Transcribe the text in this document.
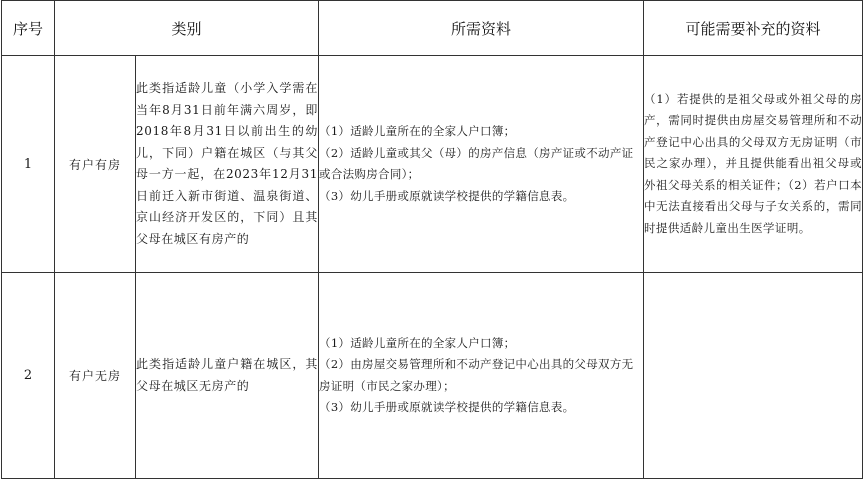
序号	类别		所需资料	可能需要补充的资料
1	有户有房	此类指适龄儿童（小学入学需在当年8月31日前年满六周岁，即2018年8月31日以前出生的幼儿，下同）户籍在城区（与其父母一方一起，在2023年12月31日前迁入新市街道、温泉街道、京山经济开发区的，下同）且其父母在城区有房产的	（1）适龄儿童所在的全家人户口簿；
（2）适龄儿童或其父（母）的房产信息（房产证或不动产证或合法购房合同）；
（3）幼儿手册或原就读学校提供的学籍信息表。	（1）若提供的是祖父母或外祖父母的房产，需同时提供由房屋交易管理所和不动产登记中心出具的父母双方无房证明（市民之家办理），并且提供能看出祖父母或外祖父母关系的相关证件；（2）若户口本中无法直接看出父母与子女关系的，需同时提供适龄儿童出生医学证明。
2	有户无房	此类指适龄儿童户籍在城区，其父母在城区无房产的	（1）适龄儿童所在的全家人户口簿；
（2）由房屋交易管理所和不动产登记中心出具的父母双方无房证明（市民之家办理）；
（3）幼儿手册或原就读学校提供的学籍信息表。	
